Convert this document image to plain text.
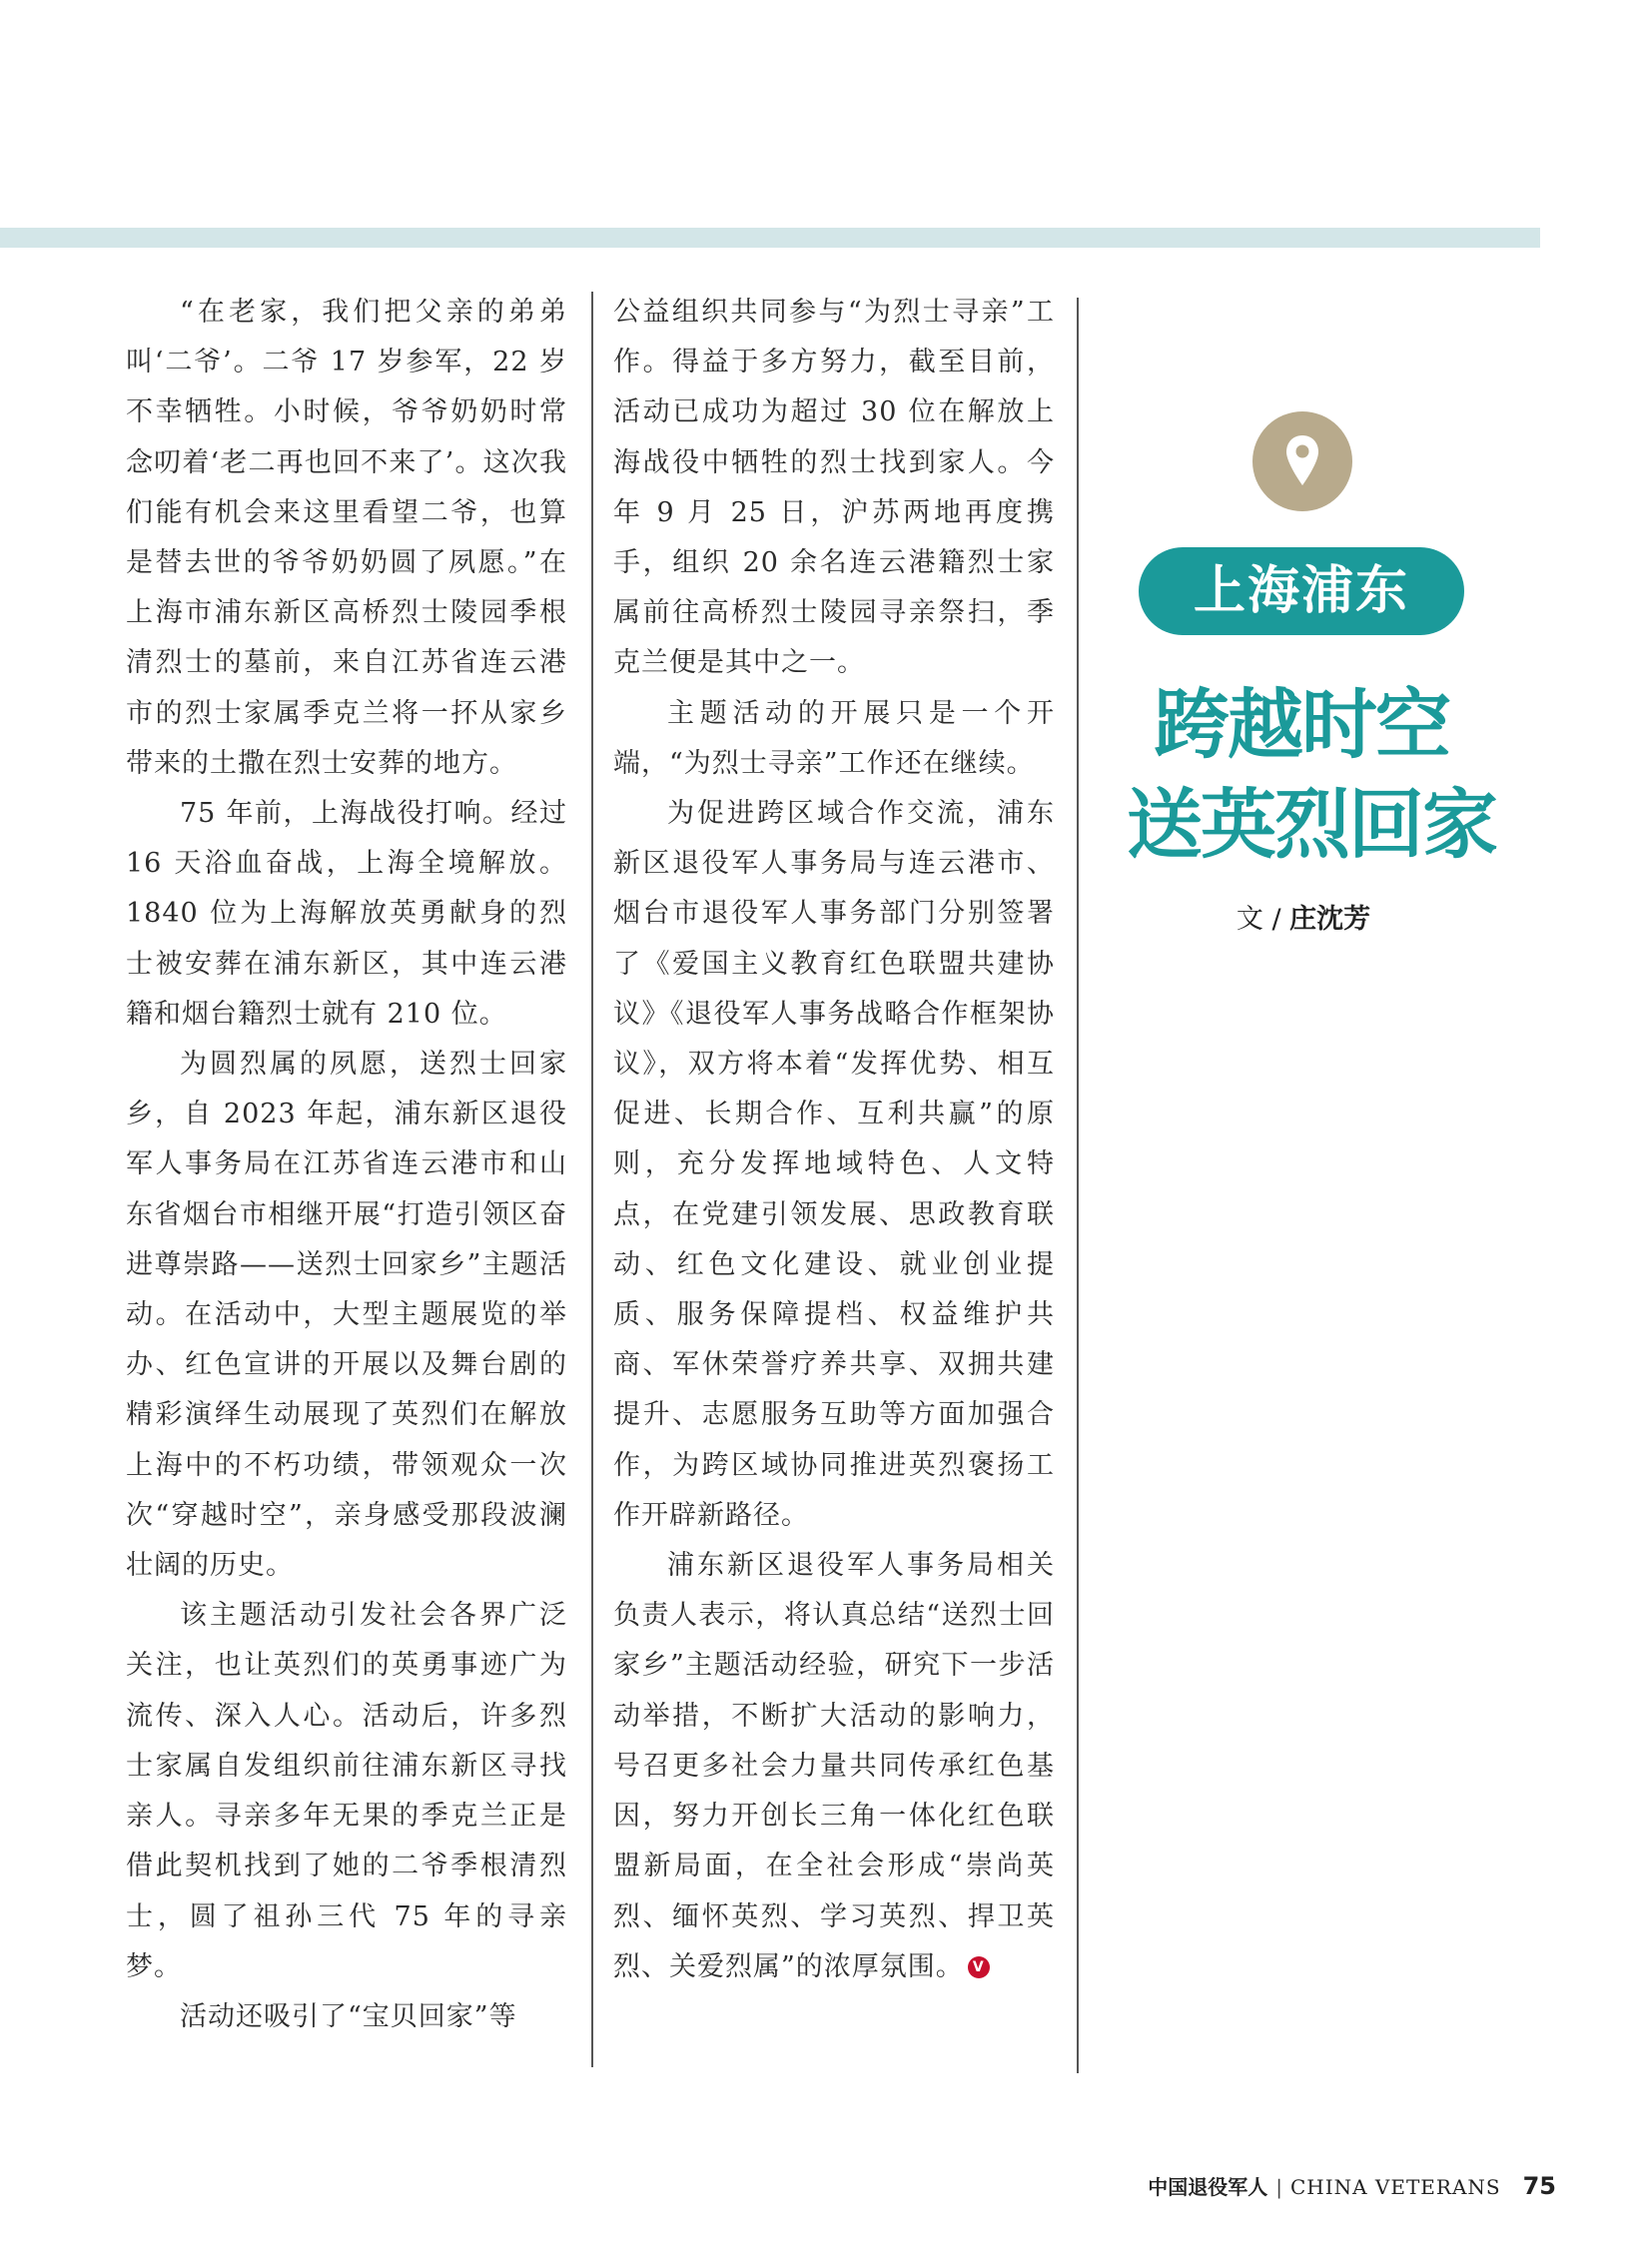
“在老家，我们把父亲的弟弟叫‘二爷’。二爷 17 岁参军，22 岁不幸牺牲。小时候，爷爷奶奶时常念叨着‘老二再也回不来了’。这次我们能有机会来这里看望二爷，也算是替去世的爷爷奶奶圆了夙愿。”在上海市浦东新区高桥烈士陵园季根清烈士的墓前，来自江苏省连云港市的烈士家属季克兰将一抔从家乡带来的土撒在烈士安葬的地方。

75 年前，上海战役打响。经过 16 天浴血奋战，上海全境解放。1840 位为上海解放英勇献身的烈士被安葬在浦东新区，其中连云港籍和烟台籍烈士就有 210 位。

为圆烈属的夙愿，送烈士回家乡，自 2023 年起，浦东新区退役军人事务局在江苏省连云港市和山东省烟台市相继开展“打造引领区奋进尊崇路——送烈士回家乡”主题活动。在活动中，大型主题展览的举办、红色宣讲的开展以及舞台剧的精彩演绎生动展现了英烈们在解放上海中的不朽功绩，带领观众一次次“穿越时空”，亲身感受那段波澜壮阔的历史。

该主题活动引发社会各界广泛关注，也让英烈们的英勇事迹广为流传、深入人心。活动后，许多烈士家属自发组织前往浦东新区寻找亲人。寻亲多年无果的季克兰正是借此契机找到了她的二爷季根清烈士，圆了祖孙三代 75 年的寻亲梦。

活动还吸引了“宝贝回家”等

公益组织共同参与“为烈士寻亲”工作。得益于多方努力，截至目前，活动已成功为超过 30 位在解放上海战役中牺牲的烈士找到家人。今年 9 月 25 日，沪苏两地再度携手，组织 20 余名连云港籍烈士家属前往高桥烈士陵园寻亲祭扫，季克兰便是其中之一。

主题活动的开展只是一个开端，“为烈士寻亲”工作还在继续。

为促进跨区域合作交流，浦东新区退役军人事务局与连云港市、烟台市退役军人事务部门分别签署了《爱国主义教育红色联盟共建协议》《退役军人事务战略合作框架协议》，双方将本着“发挥优势、相互促进、长期合作、互利共赢”的原则，充分发挥地域特色、人文特点，在党建引领发展、思政教育联动、红色文化建设、就业创业提质、服务保障提档、权益维护共商、军休荣誉疗养共享、双拥共建提升、志愿服务互助等方面加强合作，为跨区域协同推进英烈褒扬工作开辟新路径。

浦东新区退役军人事务局相关负责人表示，将认真总结“送烈士回家乡”主题活动经验，研究下一步活动举措，不断扩大活动的影响力，号召更多社会力量共同传承红色基因，努力开创长三角一体化红色联盟新局面，在全社会形成“崇尚英烈、缅怀英烈、学习英烈、捍卫英烈、关爱烈属”的浓厚氛围。 V

上海浦东
跨越时空
送英烈回家
文 / 庄沈芳
中国退役军人 | CHINA VETERANS 75
